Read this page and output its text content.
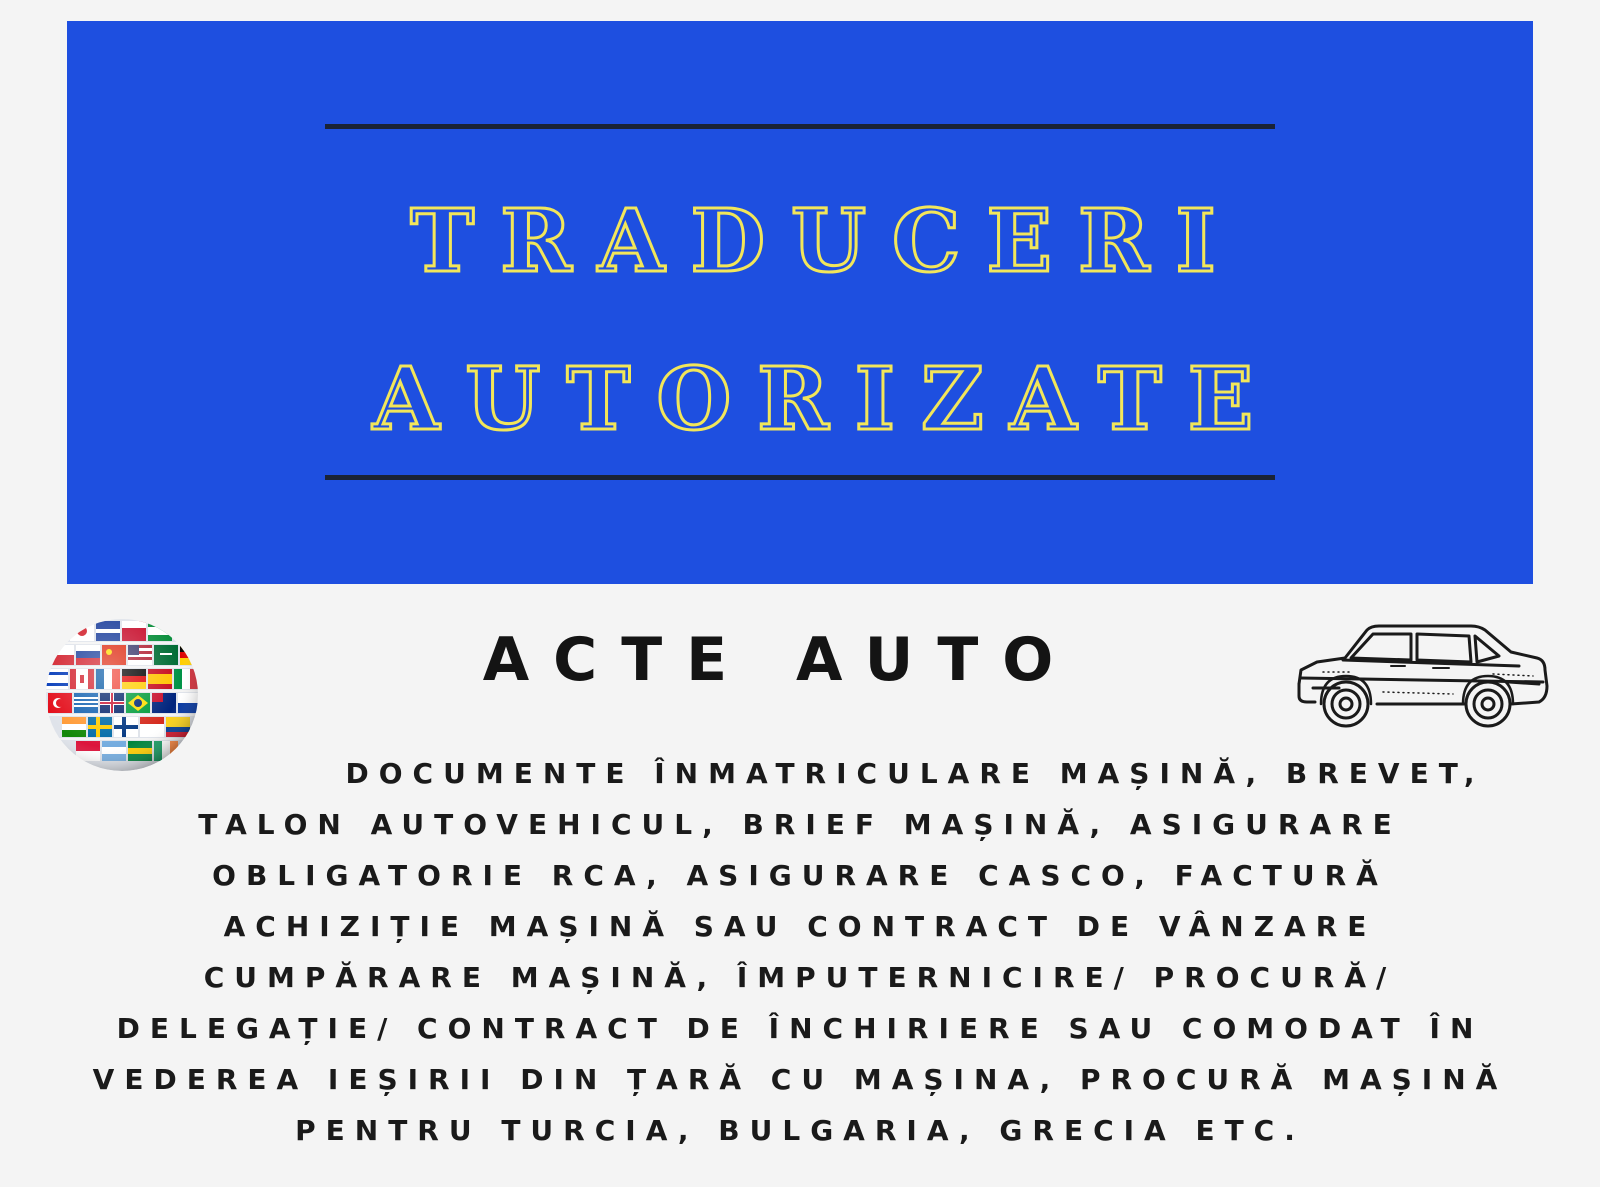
TRADUCERI
AUTORIZATE
ACTE AUTO
DOCUMENTE ÎNMATRICULARE MAȘINĂ, BREVET,
TALON AUTOVEHICUL, BRIEF MAȘINĂ, ASIGURARE
OBLIGATORIE RCA, ASIGURARE CASCO, FACTURĂ
ACHIZIȚIE MAȘINĂ SAU CONTRACT DE VÂNZARE
CUMPĂRARE MAȘINĂ, ÎMPUTERNICIRE/ PROCURĂ/
DELEGAȚIE/ CONTRACT DE ÎNCHIRIERE SAU COMODAT ÎN
VEDEREA IEȘIRII DIN ȚARĂ CU MAȘINA, PROCURĂ MAȘINĂ
PENTRU TURCIA, BULGARIA, GRECIA ETC.
